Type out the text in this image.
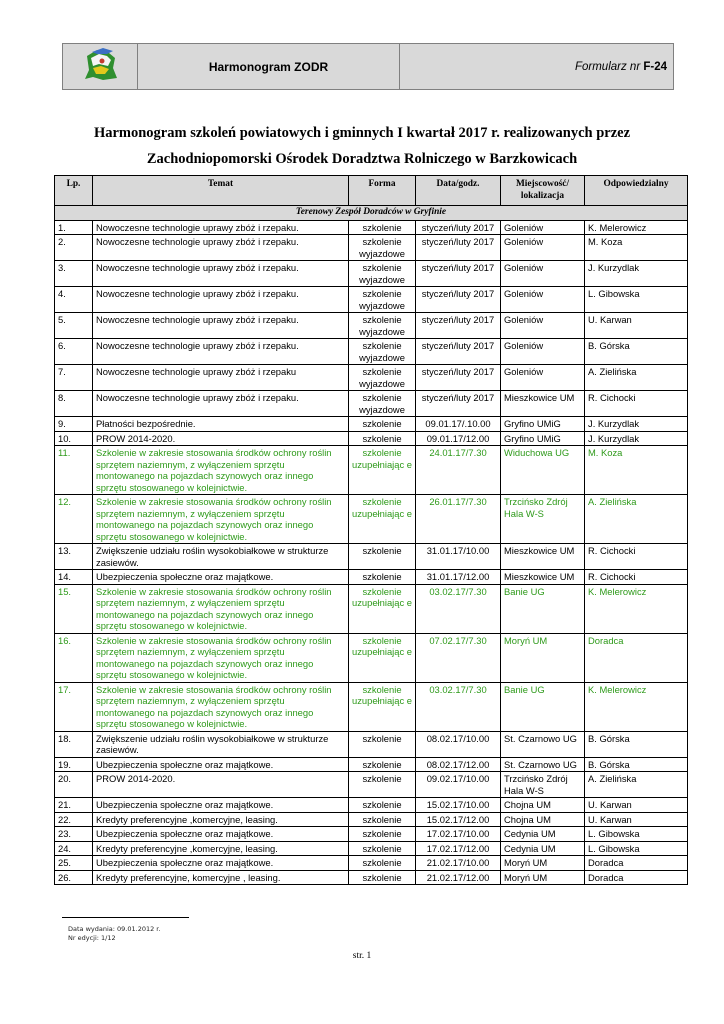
	Harmonogram ZODR	Formularz nr F-24
Harmonogram szkoleń powiatowych i gminnych I kwartał 2017 r. realizowanych przez
Zachodniopomorski Ośrodek Doradztwa Rolniczego w Barzkowicach
Lp.	Temat	Forma	Data/godz.	Miejscowość/
lokalizacja	Odpowiedzialny
Terenowy Zespół Doradców w Gryfinie					
1.	Nowoczesne technologie uprawy zbóż i rzepaku.	szkolenie	styczeń/luty 2017	Goleniów	K. Melerowicz
2.	Nowoczesne technologie uprawy zbóż i rzepaku.	szkolenie wyjazdowe	styczeń/luty 2017	Goleniów	M. Koza
3.	Nowoczesne technologie uprawy zbóż i rzepaku.	szkolenie wyjazdowe	styczeń/luty 2017	Goleniów	J. Kurzydlak
4.	Nowoczesne technologie uprawy zbóż i rzepaku.	szkolenie wyjazdowe	styczeń/luty 2017	Goleniów	L. Gibowska
5.	Nowoczesne technologie uprawy zbóż i rzepaku.	szkolenie wyjazdowe	styczeń/luty 2017	Goleniów	U. Karwan
6.	Nowoczesne technologie uprawy zbóż i rzepaku.	szkolenie wyjazdowe	styczeń/luty 2017	Goleniów	B. Górska
7.	Nowoczesne technologie uprawy zbóż i rzepaku	szkolenie wyjazdowe	styczeń/luty 2017	Goleniów	A. Zielińska
8.	Nowoczesne technologie uprawy zbóż i rzepaku.	szkolenie wyjazdowe	styczeń/luty 2017	Mieszkowice UM	R. Cichocki
9.	Płatności bezpośrednie.	szkolenie	09.01.17/.10.00	Gryfino UMiG	J. Kurzydlak
10.	PROW 2014-2020.	szkolenie	09.01.17/12.00	Gryfino UMiG	J. Kurzydlak
11.	Szkolenie w zakresie stosowania środków ochrony roślin sprzętem naziemnym, z wyłączeniem sprzętu montowanego na pojazdach szynowych oraz innego sprzętu stosowanego w kolejnictwie.	szkolenie uzupełniając e	24.01.17/7.30	Widuchowa UG	M. Koza
12.	Szkolenie w zakresie stosowania środków ochrony roślin sprzętem naziemnym, z wyłączeniem sprzętu montowanego na pojazdach szynowych oraz innego sprzętu stosowanego w kolejnictwie.	szkolenie uzupełniając e	26.01.17/7.30	Trzcińsko Zdrój Hala W-S	A. Zielińska
13.	Zwiększenie udziału roślin wysokobiałkowe w strukturze zasiewów.	szkolenie	31.01.17/10.00	Mieszkowice UM	R. Cichocki
14.	Ubezpieczenia społeczne oraz majątkowe.	szkolenie	31.01.17/12.00	Mieszkowice UM	R. Cichocki
15.	Szkolenie w zakresie stosowania środków ochrony roślin sprzętem naziemnym, z wyłączeniem sprzętu montowanego na pojazdach szynowych oraz innego sprzętu stosowanego w kolejnictwie.	szkolenie uzupełniając e	03.02.17/7.30	Banie UG	K. Melerowicz
16.	Szkolenie w zakresie stosowania środków ochrony roślin sprzętem naziemnym, z wyłączeniem sprzętu montowanego na pojazdach szynowych oraz innego sprzętu stosowanego w kolejnictwie.	szkolenie uzupełniając e	07.02.17/7.30	Moryń UM	Doradca
17.	Szkolenie w zakresie stosowania środków ochrony roślin sprzętem naziemnym, z wyłączeniem sprzętu montowanego na pojazdach szynowych oraz innego sprzętu stosowanego w kolejnictwie.	szkolenie uzupełniając e	03.02.17/7.30	Banie UG	K. Melerowicz
18.	Zwiększenie udziału roślin wysokobiałkowe w strukturze zasiewów.	szkolenie	08.02.17/10.00	St. Czarnowo UG	B. Górska
19.	Ubezpieczenia społeczne oraz majątkowe.	szkolenie	08.02.17/12.00	St. Czarnowo UG	B. Górska
20.	PROW 2014-2020.	szkolenie	09.02.17/10.00	Trzcińsko Zdrój Hala W-S	A. Zielińska
21.	Ubezpieczenia społeczne oraz majątkowe.	szkolenie	15.02.17/10.00	Chojna UM	U. Karwan
22.	Kredyty preferencyjne ,komercyjne, leasing.	szkolenie	15.02.17/12.00	Chojna UM	U. Karwan
23.	Ubezpieczenia społeczne oraz majątkowe.	szkolenie	17.02.17/10.00	Cedynia UM	L. Gibowska
24.	Kredyty preferencyjne ,komercyjne, leasing.	szkolenie	17.02.17/12.00	Cedynia UM	L. Gibowska
25.	Ubezpieczenia społeczne oraz majątkowe.	szkolenie	21.02.17/10.00	Moryń UM	Doradca
26.	Kredyty preferencyjne, komercyjne , leasing.	szkolenie	21.02.17/12.00	Moryń UM	Doradca
Data wydania: 09.01.2012 r.
Nr edycji: 1/12
str. 1
